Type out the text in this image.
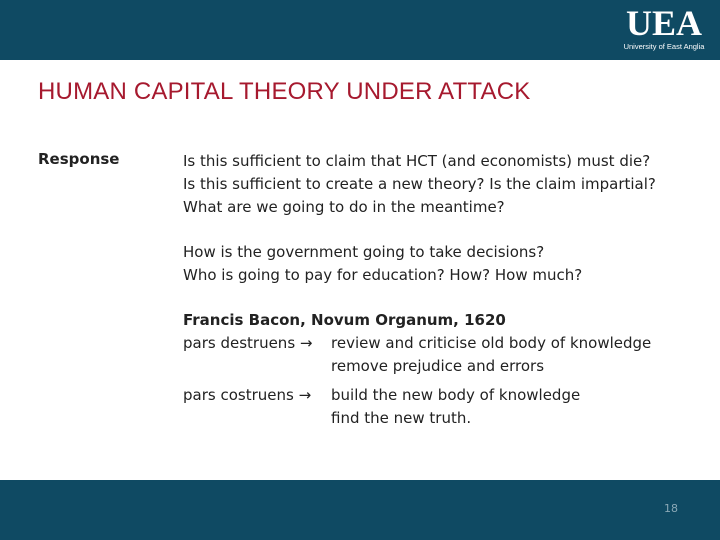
UEA
University of East Anglia
HUMAN CAPITAL THEORY UNDER ATTACK
Response	Is this sufficient to claim that HCT (and economists) must die?

Is this sufficient to create a new theory? Is the claim impartial?

What are we going to do in the meantime?

How is the government going to take decisions?

Who is going to pay for education? How? How much?

Francis Bacon, Novum Organum, 1620

pars destruens →	review and criticise old body of knowledge

remove prejudice and errors

pars costruens →	build the new body of knowledge

find the new truth.

18
